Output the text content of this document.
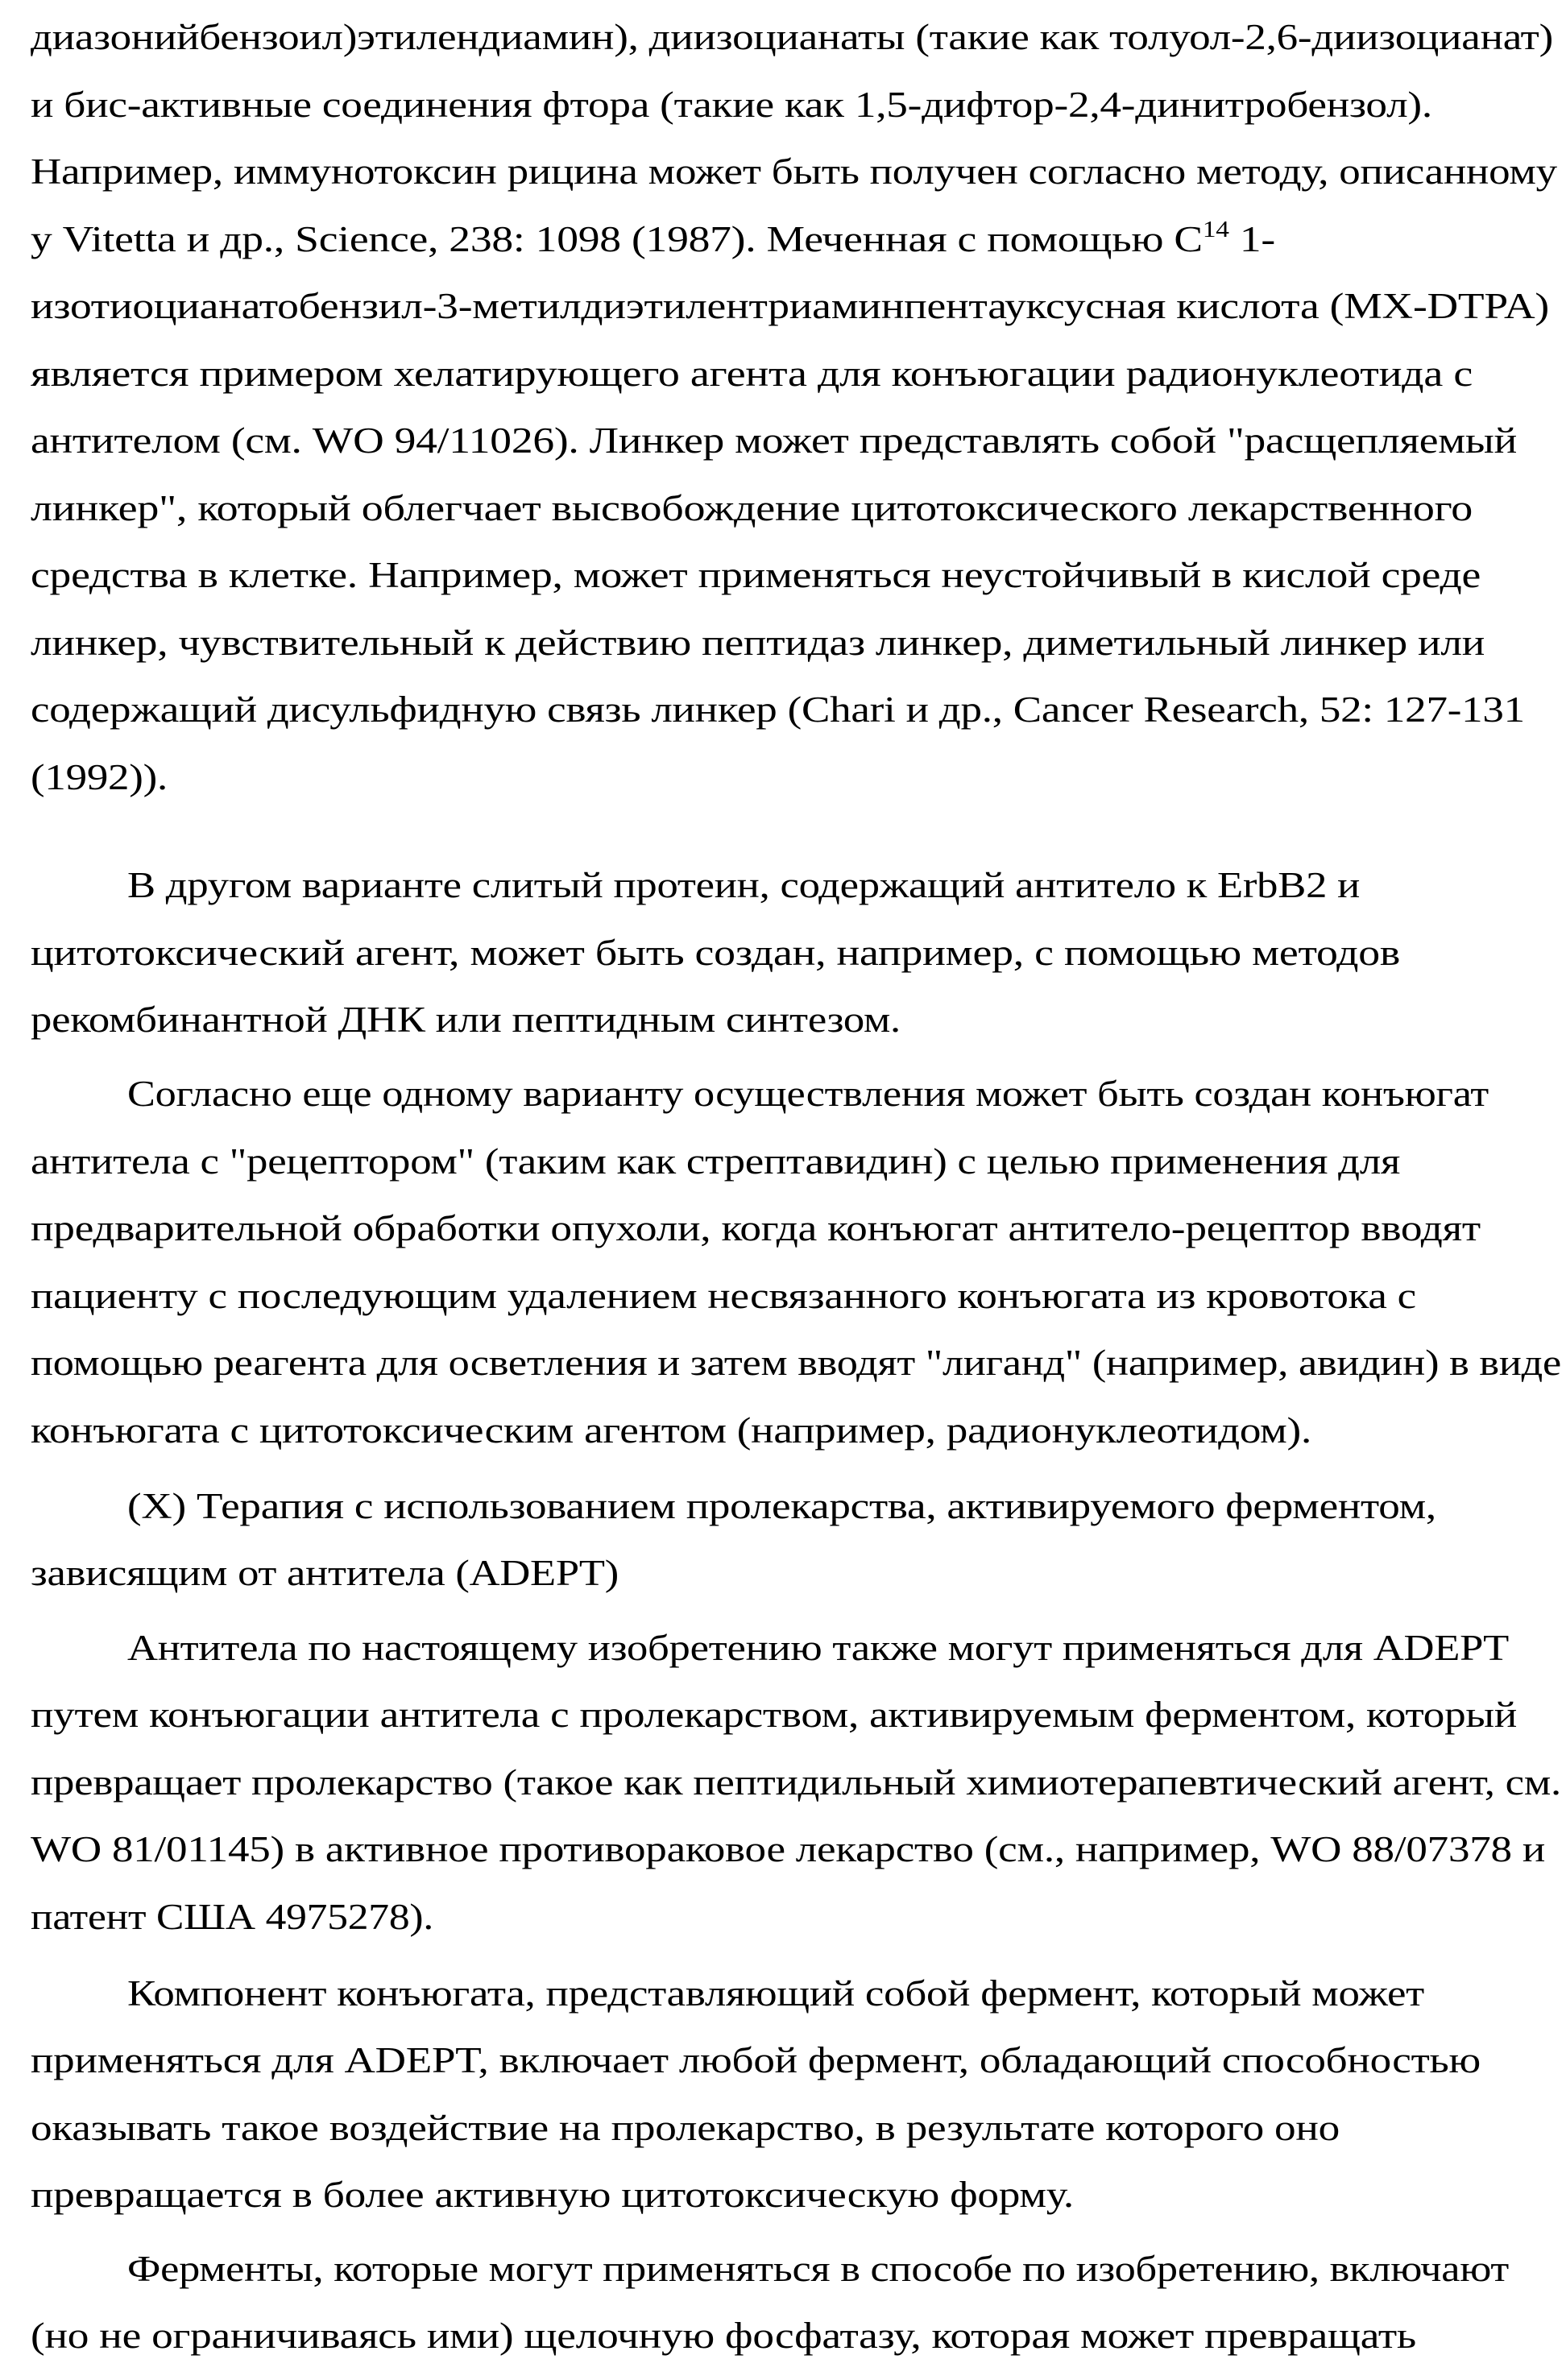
диазонийбензоил)этилендиамин), диизоцианаты (такие как толуол-2,6-диизоцианат)
и бис-активные соединения фтора (такие как 1,5-дифтор-2,4-динитробензол).
Например, иммунотоксин рицина может быть получен согласно методу, описанному
у Vitetta и др., Science, 238: 1098 (1987). Меченная с помощью $C^{14}$ 1-
изотиоцианатобензил-3-метилдиэтилентриаминпентауксусная кислота (MX-DTPA)
является примером хелатирующего агента для конъюгации радионуклеотида с
антителом (см. WO 94/11026). Линкер может представлять собой "расщепляемый
линкер", который облегчает высвобождение цитотоксического лекарственного
средства в клетке. Например, может применяться неустойчивый в кислой среде
линкер, чувствительный к действию пептидаз линкер, диметильный линкер или
содержащий дисульфидную связь линкер (Chari и др., Cancer Research, 52: 127-131
(1992)).
В другом варианте слитый протеин, содержащий антитело к ErbB2 и
цитотоксический агент, может быть создан, например, с помощью методов
рекомбинантной ДНК или пептидным синтезом.
Согласно еще одному варианту осуществления может быть создан конъюгат
антитела с "рецептором" (таким как стрептавидин) с целью применения для
предварительной обработки опухоли, когда конъюгат антитело-рецептор вводят
пациенту с последующим удалением несвязанного конъюгата из кровотока с
помощью реагента для осветления и затем вводят "лиганд" (например, авидин) в виде
конъюгата с цитотоксическим агентом (например, радионуклеотидом).
(X) Терапия с использованием пролекарства, активируемого ферментом,
зависящим от антитела (ADEPT)
Антитела по настоящему изобретению также могут применяться для ADEPT
путем конъюгации антитела с пролекарством, активируемым ферментом, который
превращает пролекарство (такое как пептидильный химиотерапевтический агент, см.
WO 81/01145) в активное противораковое лекарство (см., например, WO 88/07378 и
патент США 4975278).
Компонент конъюгата, представляющий собой фермент, который может
применяться для ADEPT, включает любой фермент, обладающий способностью
оказывать такое воздействие на пролекарство, в результате которого оно
превращается в более активную цитотоксическую форму.
Ферменты, которые могут применяться в способе по изобретению, включают
(но не ограничиваясь ими) щелочную фосфатазу, которая может превращать
